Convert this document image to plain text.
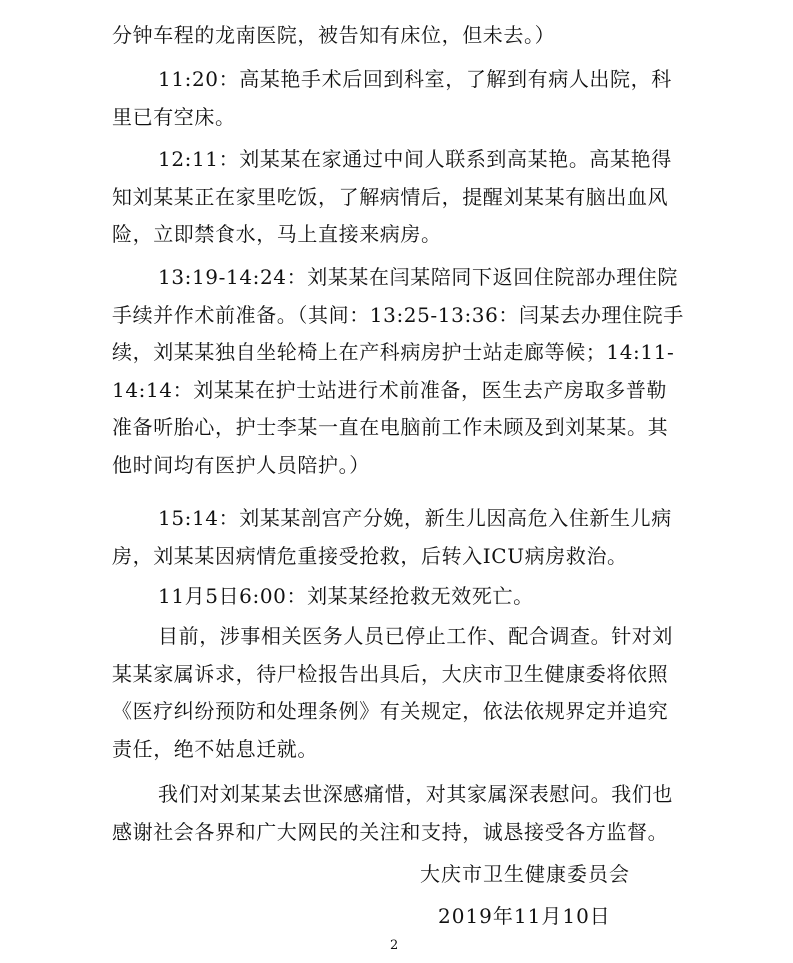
分钟车程的龙南医院，被告知有床位，但未去。）

11:20：高某艳手术后回到科室，了解到有病人出院，科里已有空床。

12:11：刘某某在家通过中间人联系到高某艳。高某艳得知刘某某正在家里吃饭，了解病情后，提醒刘某某有脑出血风险，立即禁食水，马上直接来病房。

13:19-14:24：刘某某在闫某陪同下返回住院部办理住院手续并作术前准备。（其间：13:25-13:36：闫某去办理住院手续，刘某某独自坐轮椅上在产科病房护士站走廊等候；14:11-14:14：刘某某在护士站进行术前准备，医生去产房取多普勒准备听胎心，护士李某一直在电脑前工作未顾及到刘某某。其他时间均有医护人员陪护。）

15:14：刘某某剖宫产分娩，新生儿因高危入住新生儿病房，刘某某因病情危重接受抢救，后转入ICU病房救治。

11月5日6:00：刘某某经抢救无效死亡。

目前，涉事相关医务人员已停止工作、配合调查。针对刘某某家属诉求，待尸检报告出具后，大庆市卫生健康委将依照《医疗纠纷预防和处理条例》有关规定，依法依规界定并追究责任，绝不姑息迁就。

我们对刘某某去世深感痛惜，对其家属深表慰问。我们也感谢社会各界和广大网民的关注和支持，诚恳接受各方监督。

大庆市卫生健康委员会
2019年11月10日
2
